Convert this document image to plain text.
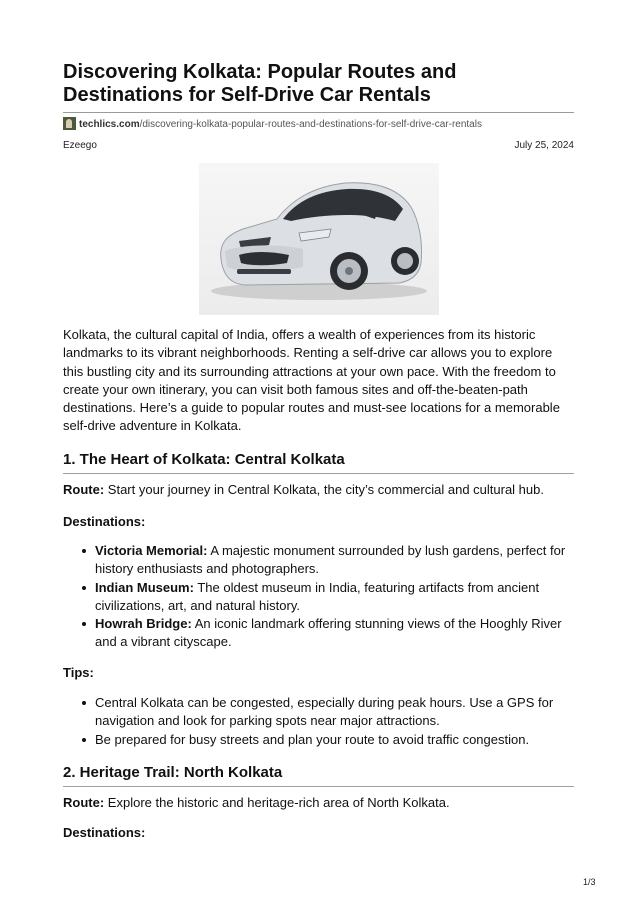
Discovering Kolkata: Popular Routes and Destinations for Self-Drive Car Rentals
techlics.com/discovering-kolkata-popular-routes-and-destinations-for-self-drive-car-rentals
Ezeego	July 25, 2024

Kolkata, the cultural capital of India, offers a wealth of experiences from its historic landmarks to its vibrant neighborhoods. Renting a self-drive car allows you to explore this bustling city and its surrounding attractions at your own pace. With the freedom to create your own itinerary, you can visit both famous sites and off-the-beaten-path destinations. Here’s a guide to popular routes and must-see locations for a memorable self-drive adventure in Kolkata.

1. The Heart of Kolkata: Central Kolkata

Route: Start your journey in Central Kolkata, the city’s commercial and cultural hub.

Destinations:

Victoria Memorial: A majestic monument surrounded by lush gardens, perfect for history enthusiasts and photographers.
Indian Museum: The oldest museum in India, featuring artifacts from ancient civilizations, art, and natural history.
Howrah Bridge: An iconic landmark offering stunning views of the Hooghly River and a vibrant cityscape.

Tips:

Central Kolkata can be congested, especially during peak hours. Use a GPS for navigation and look for parking spots near major attractions.
Be prepared for busy streets and plan your route to avoid traffic congestion.
2. Heritage Trail: North Kolkata

Route: Explore the historic and heritage-rich area of North Kolkata.

Destinations:

1/3
